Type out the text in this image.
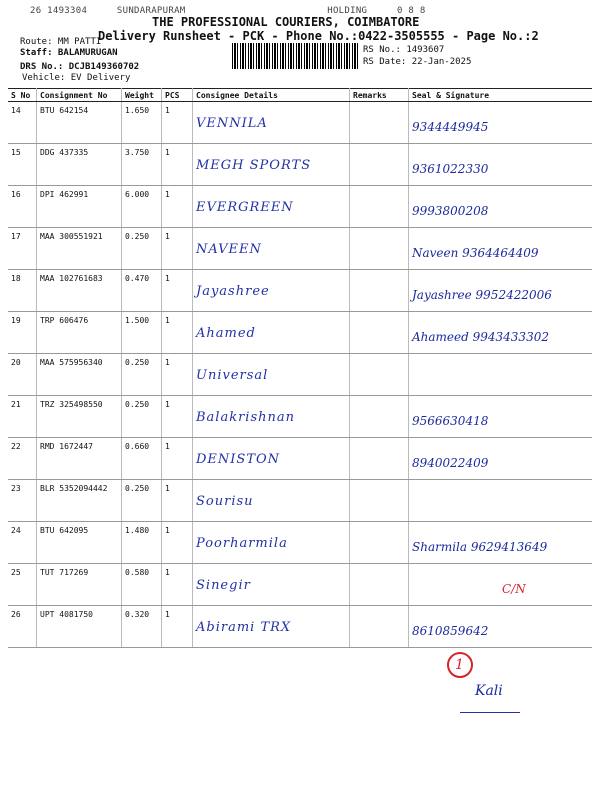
26 1493304	SUNDARAPURAM	HOLDING	0 8 8
THE PROFESSIONAL COURIERS, COIMBATORE
Delivery Runsheet - PCK - Phone No.:0422-3505555 - Page No.:2
Route: MM PATTI
Staff: BALAMURUGAN
DRS No.: DCJB149360702
Vehicle: EV Delivery
RS No.: 1493607
RS Date: 22-Jan-2025
S No	Consignment No	Weight	PCS	Consignee Details	Remarks	Seal & Signature
14	BTU 642154	1.650	1	VENNILA		9344449945

15	DDG 437335	3.750	1	MEGH SPORTS		9361022330

16	DPI 462991	6.000	1	EVERGREEN		9993800208

17	MAA 300551921	0.250	1	NAVEEN		Naveen 9364464409

18	MAA 102761683	0.470	1	Jayashree		Jayashree 9952422006

19	TRP 606476	1.500	1	Ahamed		Ahameed 9943433302

20	MAA 575956340	0.250	1	Universal		

21	TRZ 325498550	0.250	1	Balakrishnan		9566630418

22	RMD 1672447	0.660	1	DENISTON		8940022409

23	BLR 5352094442	0.250	1	Sourisu		

24	BTU 642095	1.480	1	Poorharmila		Sharmila 9629413649

25	TUT 717269	0.580	1	Sinegir		C/N

26	UPT 4081750	0.320	1	Abirami TRX		8610859642
1
Kali
